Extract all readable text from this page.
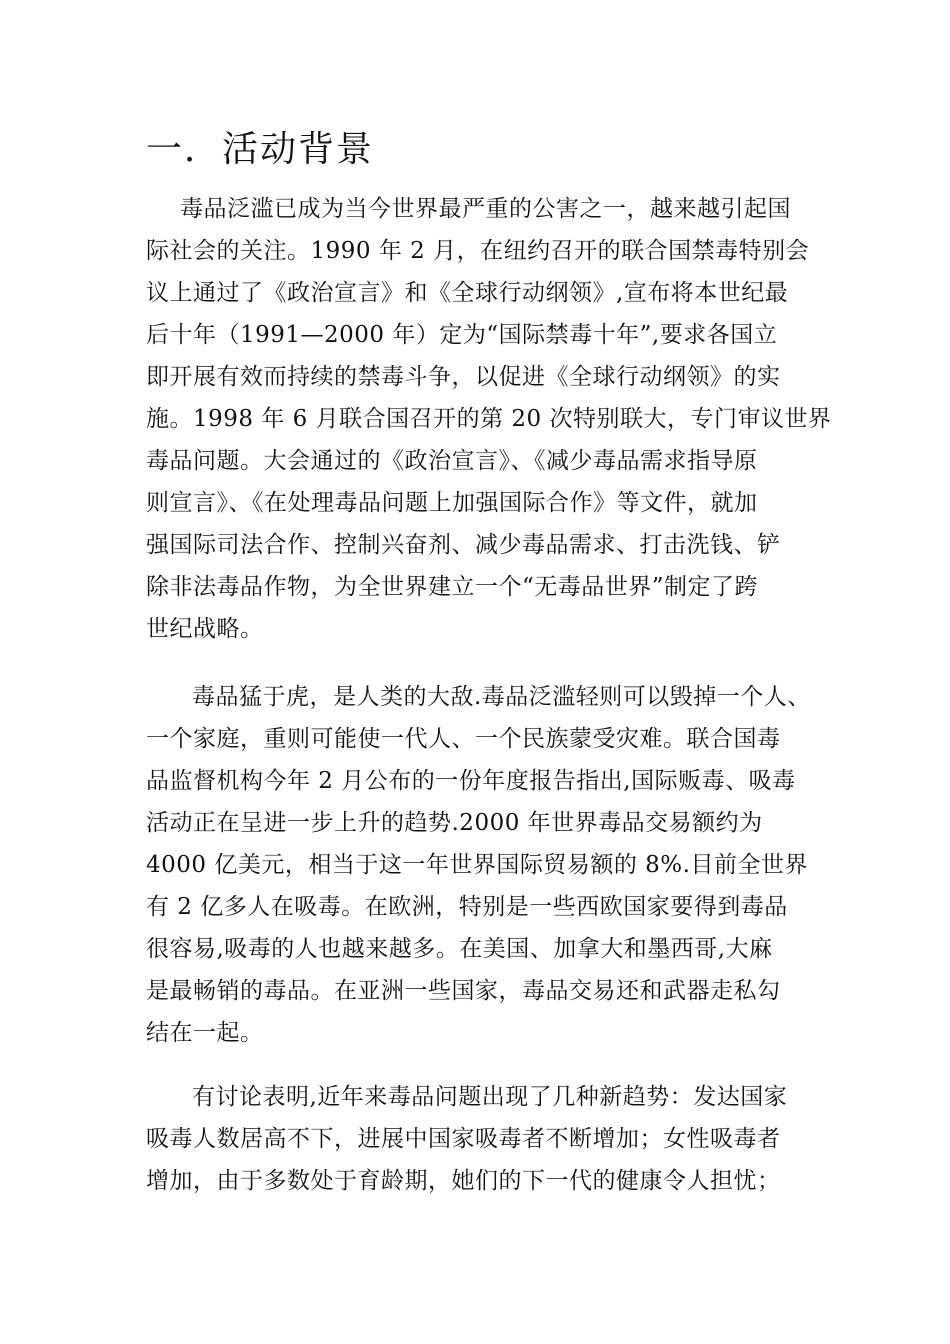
一．活动背景

毒品泛滥已成为当今世界最严重的公害之一，越来越引起国
际社会的关注。1990 年 2 月，在纽约召开的联合国禁毒特别会
议上通过了《政治宣言》和《全球行动纲领》,宣布将本世纪最
后十年（1991—2000 年）定为“国际禁毒十年”,要求各国立
即开展有效而持续的禁毒斗争，以促进《全球行动纲领》的实
施。1998 年 6 月联合国召开的第 20 次特别联大，专门审议世界
毒品问题。大会通过的《政治宣言》、《减少毒品需求指导原
则宣言》、《在处理毒品问题上加强国际合作》等文件，就加
强国际司法合作、控制兴奋剂、减少毒品需求、打击洗钱、铲
除非法毒品作物，为全世界建立一个“无毒品世界”制定了跨
世纪战略。

毒品猛于虎，是人类的大敌.毒品泛滥轻则可以毁掉一个人、
一个家庭，重则可能使一代人、一个民族蒙受灾难。联合国毒
品监督机构今年 2 月公布的一份年度报告指出,国际贩毒、吸毒
活动正在呈进一步上升的趋势.2000 年世界毒品交易额约为
4000 亿美元，相当于这一年世界国际贸易额的 8%.目前全世界
有 2 亿多人在吸毒。在欧洲，特别是一些西欧国家要得到毒品
很容易,吸毒的人也越来越多。在美国、加拿大和墨西哥,大麻
是最畅销的毒品。在亚洲一些国家，毒品交易还和武器走私勾
结在一起。

有讨论表明,近年来毒品问题出现了几种新趋势：发达国家
吸毒人数居高不下，进展中国家吸毒者不断增加；女性吸毒者
增加，由于多数处于育龄期，她们的下一代的健康令人担忧；
